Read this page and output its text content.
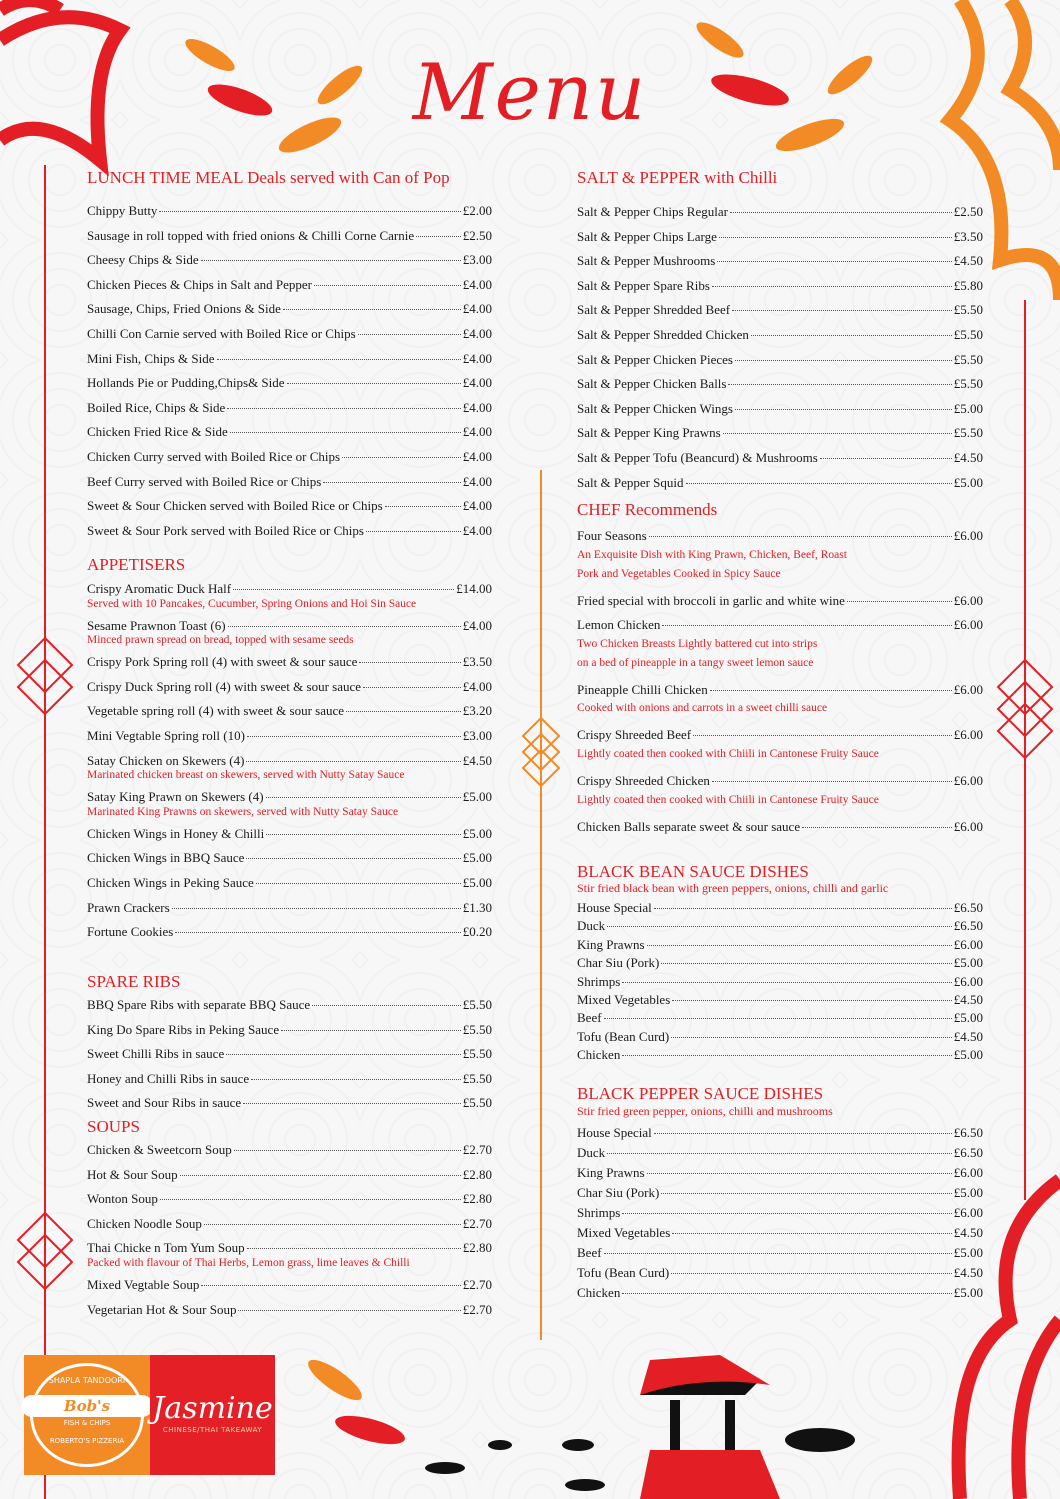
Menu
LUNCH TIME MEAL Deals served with Can of Pop
Chippy Butty	£2.00
Sausage in roll topped with fried onions & Chilli Corne Carnie	£2.50
Cheesy Chips & Side	£3.00
Chicken Pieces & Chips in Salt and Pepper	£4.00
Sausage, Chips, Fried Onions & Side	£4.00
Chilli Con Carnie served with Boiled Rice or Chips	£4.00
Mini Fish, Chips & Side	£4.00
Hollands Pie or Pudding,Chips& Side	£4.00
Boiled Rice, Chips & Side	£4.00
Chicken Fried Rice & Side	£4.00
Chicken Curry served with Boiled Rice or Chips	£4.00
Beef Curry served with Boiled Rice or Chips	£4.00
Sweet & Sour Chicken served with Boiled Rice or Chips	£4.00
Sweet & Sour Pork served with Boiled Rice or Chips	£4.00
APPETISERS
Crispy Aromatic Duck Half	£14.00
Served with 10 Pancakes, Cucumber, Spring Onions and Hoi Sin Sauce
Sesame Prawnon Toast (6)	£4.00
Minced prawn spread on bread, topped with sesame seeds
Crispy Pork Spring roll (4) with sweet & sour sauce	£3.50
Crispy Duck Spring roll (4) with sweet & sour sauce	£4.00
Vegetable spring roll (4) with sweet & sour sauce	£3.20
Mini Vegtable Spring roll (10)	£3.00
Satay Chicken on Skewers (4)	£4.50
Marinated chicken breast on skewers, served with Nutty Satay Sauce
Satay King Prawn on Skewers (4)	£5.00
Marinated King Prawns on skewers, served with Nutty Satay Sauce
Chicken Wings in Honey & Chilli	£5.00
Chicken Wings in BBQ Sauce	£5.00
Chicken Wings in Peking Sauce	£5.00
Prawn Crackers	£1.30
Fortune Cookies	£0.20
SPARE RIBS
BBQ Spare Ribs with separate BBQ Sauce	£5.50
King Do Spare Ribs in Peking Sauce	£5.50
Sweet Chilli Ribs in sauce	£5.50
Honey and Chilli Ribs in sauce	£5.50
Sweet and Sour Ribs in sauce	£5.50
SOUPS
Chicken & Sweetcorn Soup	£2.70
Hot & Sour Soup	£2.80
Wonton Soup	£2.80
Chicken Noodle Soup	£2.70
Thai Chicke n Tom Yum Soup	£2.80
Packed with flavour of Thai Herbs, Lemon grass, lime leaves & Chilli
Mixed Vegtable Soup	£2.70
Vegetarian Hot & Sour Soup	£2.70
SALT & PEPPER with Chilli
Salt & Pepper Chips Regular	£2.50
Salt & Pepper Chips Large	£3.50
Salt & Pepper Mushrooms	£4.50
Salt & Pepper Spare Ribs	£5.80
Salt & Pepper Shredded Beef	£5.50
Salt & Pepper Shredded Chicken	£5.50
Salt & Pepper Chicken Pieces	£5.50
Salt & Pepper Chicken Balls	£5.50
Salt & Pepper Chicken Wings	£5.00
Salt & Pepper King Prawns	£5.50
Salt & Pepper Tofu (Beancurd) & Mushrooms	£4.50
Salt & Pepper Squid	£5.00
CHEF Recommends
Four Seasons	£6.00
An Exquisite Dish with King Prawn, Chicken, Beef, Roast
Pork and Vegetables Cooked in Spicy Sauce
Fried special with broccoli in garlic and white wine	£6.00
Lemon Chicken	£6.00
Two Chicken Breasts Lightly battered cut into strips
on a bed of pineapple in a tangy sweet lemon sauce
Pineapple Chilli Chicken	£6.00
Cooked with onions and carrots in a sweet chilli sauce
Crispy Shreeded Beef	£6.00
Lightly coated then cooked with Chiili in Cantonese Fruity Sauce
Crispy Shreeded Chicken	£6.00
Lightly coated then cooked with Chiili in Cantonese Fruity Sauce
Chicken Balls separate sweet & sour sauce	£6.00
BLACK BEAN SAUCE DISHES
Stir fried black bean with green peppers, onions, chilli and garlic
House Special	£6.50
Duck	£6.50
King Prawns	£6.00
Char Siu (Pork)	£5.00
Shrimps	£6.00
Mixed Vegetables	£4.50
Beef	£5.00
Tofu (Bean Curd)	£4.50
Chicken	£5.00
BLACK PEPPER SAUCE DISHES
Stir fried green pepper, onions, chilli and mushrooms
House Special	£6.50
Duck	£6.50
King Prawns	£6.00
Char Siu (Pork)	£5.00
Shrimps	£6.00
Mixed Vegetables	£4.50
Beef	£5.00
Tofu (Bean Curd)	£4.50
Chicken	£5.00
SHAPLA TANDOORI
Bob's
FISH & CHIPS
ROBERTO'S PIZZERIA
Jasmine
CHINESE/THAI TAKEAWAY
